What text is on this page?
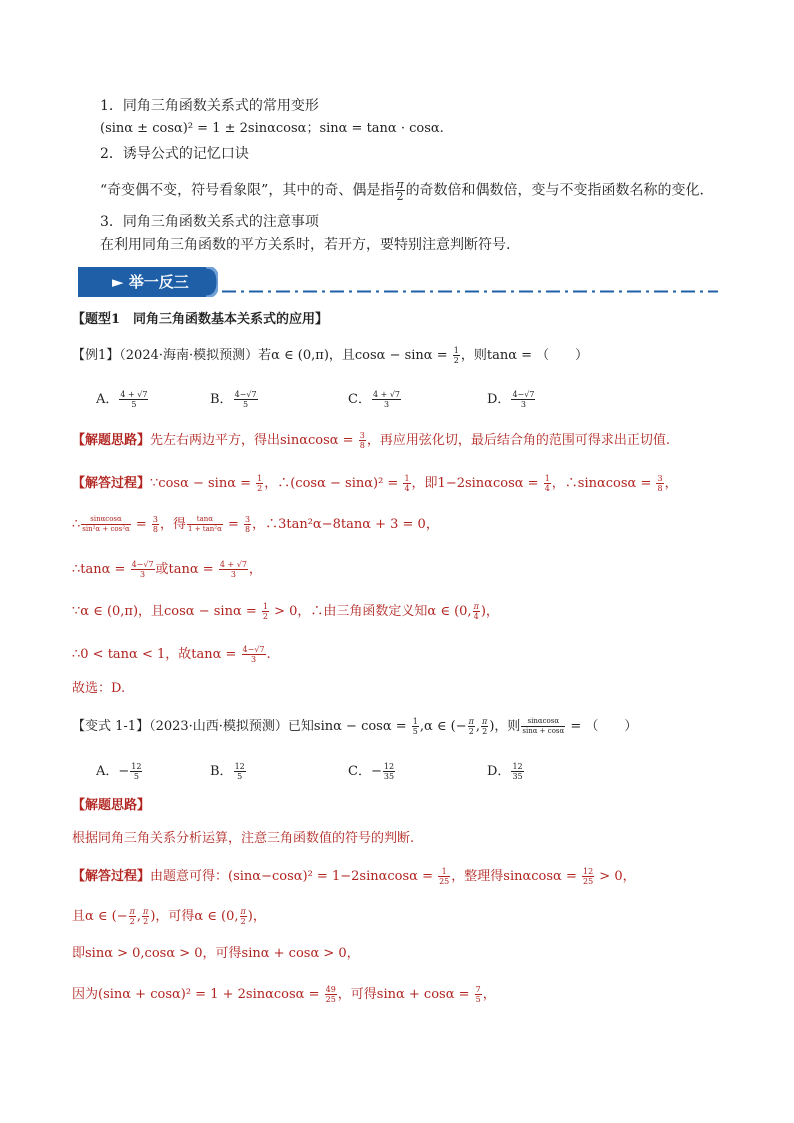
1．同角三角函数关系式的常用变形
(sinα ± cosα)² = 1 ± 2sinαcosα；sinα = tanα · cosα.
2．诱导公式的记忆口诀
“奇变偶不变，符号看象限”，其中的奇、偶是指 $\frac{\pi}{2}$ 的奇数倍和偶数倍，变与不变指函数名称的变化.
3．同角三角函数关系式的注意事项
在利用同角三角函数的平方关系时，若开方，要特别注意判断符号.
► 举一反三
【题型1　同角三角函数基本关系式的应用】
【例1】（2024·海南·模拟预测）若α ∈ (0,π)，且$\cos\alpha - \sin\alpha = \frac{1}{2}$ ，则tanα = （　　）
A． $\frac{4 + √7}{5}$	B． $\frac{4-√7}{5}$	C． $\frac{4 + √7}{3}$	D． $\frac{4-√7}{3}$
【解题思路】先左右两边平方，得出$\sin\alpha\cos\alpha = \frac{3}{8}$ ，再应用弦化切，最后结合角的范围可得求出正切值.
【解答过程】∵cosα − $\sin\alpha = \frac{1}{2}$ ，∴(cosα − $\sin\alpha)^2 = \frac{1}{4}$ ，即$1-2\sin\alpha\cos\alpha = \frac{1}{4}$ ，∴sinαcosα = $\frac{3}{8}$ ，
∴ $\frac{\sin\alpha\cos\alpha}{\text{sin²α + cos²α}} = \frac{3}{8}$ ，得 $\frac{\tan\alpha}{\text{1 + tan²α}} = \frac{3}{8}$ ，∴3tan²α−8tanα + 3 = 0，
∴tanα = $\frac{4-√7}{3}$ 或$\tan\alpha = \frac{4 + √7}{3}$ ，
∵α ∈ (0,π)，且$\cos\alpha - \sin\alpha = \frac{1}{2} > 0$，∴由三角函数定义知α ∈ (0, $\frac{\pi}{4}$ )，
∴0 < tanα < 1，故$\tan\alpha = \frac{4-√7}{3}$ .
故选：D.
【变式 1-1】（2023·山西·模拟预测）已知$\sin\alpha - \cos\alpha = \frac{1}{5} ,\alpha$ ∈ (− $\frac{\pi}{2}$ , $\frac{\pi}{2}$ )，则 $\frac{\sin\alpha\cos\alpha}{\sin\alpha + \cos\alpha}$ = （　　）
A．− $\frac{12}{5}$	B． $\frac{12}{5}$	C．− $\frac{12}{35}$	D． $\frac{12}{35}$
【解题思路】
根据同角三角关系分析运算，注意三角函数值的符号的判断.
【解答过程】由题意可得：$(\sin\alpha-\cos\alpha)^2 = 1-2\sin\alpha\cos\alpha = \frac{1}{25}$ ，整理得$\sin\alpha\cos\alpha = \frac{12}{25} > 0$，
且α ∈ (− $\frac{\pi}{2}$ , $\frac{\pi}{2}$ )，可得α ∈ (0, $\frac{\pi}{2}$ )，
即sinα > 0,cosα > 0，可得sinα + cosα > 0，
因为$(\sin\alpha + \cos\alpha)^2 = 1 + 2\sin\alpha\cos\alpha = \frac{49}{25}$ ，可得$\sin\alpha + \cos\alpha = \frac{7}{5}$ ，
